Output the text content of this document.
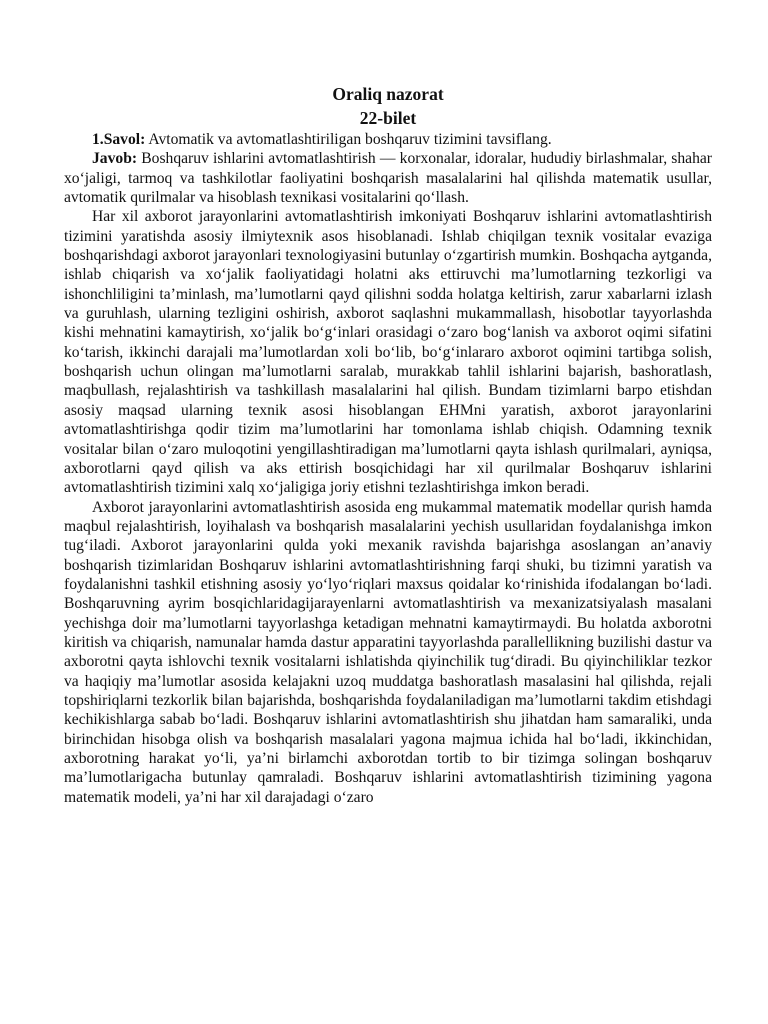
Oraliq nazorat

22-bilet

1.Savol: Avtomatik va avtomatlashtiriligan boshqaruv tizimini tavsiflang.

Javob: Boshqaruv ishlarini avtomatlashtirish — korxonalar, idoralar, hududiy birlashmalar, shahar xo‘jaligi, tarmoq va tashkilotlar faoliyatini boshqarish masalalarini hal qilishda matematik usullar, avtomatik qurilmalar va hisoblash texnikasi vositalarini qo‘llash.

Har xil axborot jarayonlarini avtomatlashtirish imkoniyati Boshqaruv ishlarini avtomatlashtirish tizimini yaratishda asosiy ilmiytexnik asos hisoblanadi. Ishlab chiqilgan texnik vositalar evaziga boshqarishdagi axborot jarayonlari texnologiyasini butunlay o‘zgartirish mumkin. Boshqacha aytganda, ishlab chiqarish va xo‘jalik faoliyatidagi holatni aks ettiruvchi ma’lumotlarning tezkorligi va ishonchliligini ta’minlash, ma’lumotlarni qayd qilishni sodda holatga keltirish, zarur xabarlarni izlash va guruhlash, ularning tezligini oshirish, axborot saqlashni mukammallash, hisobotlar tayyorlashda kishi mehnatini kamaytirish, xo‘jalik bo‘g‘inlari orasidagi o‘zaro bog‘lanish va axborot oqimi sifatini ko‘tarish, ikkinchi darajali ma’lumotlardan xoli bo‘lib, bo‘g‘inlararo axborot oqimini tartibga solish, boshqarish uchun olingan ma’lumotlarni saralab, murakkab tahlil ishlarini bajarish, bashoratlash, maqbullash, rejalashtirish va tashkillash masalalarini hal qilish. Bundam tizimlarni barpo etishdan asosiy maqsad ularning texnik asosi hisoblangan EHMni yaratish, axborot jarayonlarini avtomatlashtirishga qodir tizim ma’lumotlarini har tomonlama ishlab chiqish. Odamning texnik vositalar bilan o‘zaro muloqotini yengillashtiradigan ma’lumotlarni qayta ishlash qurilmalari, ayniqsa, axborotlarni qayd qilish va aks ettirish bosqichidagi har xil qurilmalar Boshqaruv ishlarini avtomatlashtirish tizimini xalq xo‘jaligiga joriy etishni tezlashtirishga imkon beradi.

Axborot jarayonlarini avtomatlashtirish asosida eng mukammal matematik modellar qurish hamda maqbul rejalashtirish, loyihalash va boshqarish masalalarini yechish usullaridan foydalanishga imkon tug‘iladi. Axborot jarayonlarini qulda yoki mexanik ravishda bajarishga asoslangan an’anaviy boshqarish tizimlaridan Boshqaruv ishlarini avtomatlashtirishning farqi shuki, bu tizimni yaratish va foydalanishni tashkil etishning asosiy yo‘lyo‘riqlari maxsus qoidalar ko‘rinishida ifodalangan bo‘ladi. Boshqaruvning ayrim bosqichlaridagijarayenlarni avtomatlashtirish va mexanizatsiyalash masalani yechishga doir ma’lumotlarni tayyorlashga ketadigan mehnatni kamaytirmaydi. Bu holatda axborotni kiritish va chiqarish, namunalar hamda dastur apparatini tayyorlashda parallellikning buzilishi dastur va axborotni qayta ishlovchi texnik vositalarni ishlatishda qiyinchilik tug‘diradi. Bu qiyinchiliklar tezkor va haqiqiy ma’lumotlar asosida kelajakni uzoq muddatga bashoratlash masalasini hal qilishda, rejali topshiriqlarni tezkorlik bilan bajarishda, boshqarishda foydalaniladigan ma’lumotlarni takdim etishdagi kechikishlarga sabab bo‘ladi. Boshqaruv ishlarini avtomatlashtirish shu jihatdan ham samaraliki, unda birinchidan hisobga olish va boshqarish masalalari yagona majmua ichida hal bo‘ladi, ikkinchidan, axborotning harakat yo‘li, ya’ni birlamchi axborotdan tortib to bir tizimga solingan boshqaruv ma’lumotlarigacha butunlay qamraladi. Boshqaruv ishlarini avtomatlashtirish tizimining yagona matematik modeli, ya’ni har xil darajadagi o‘zaro
